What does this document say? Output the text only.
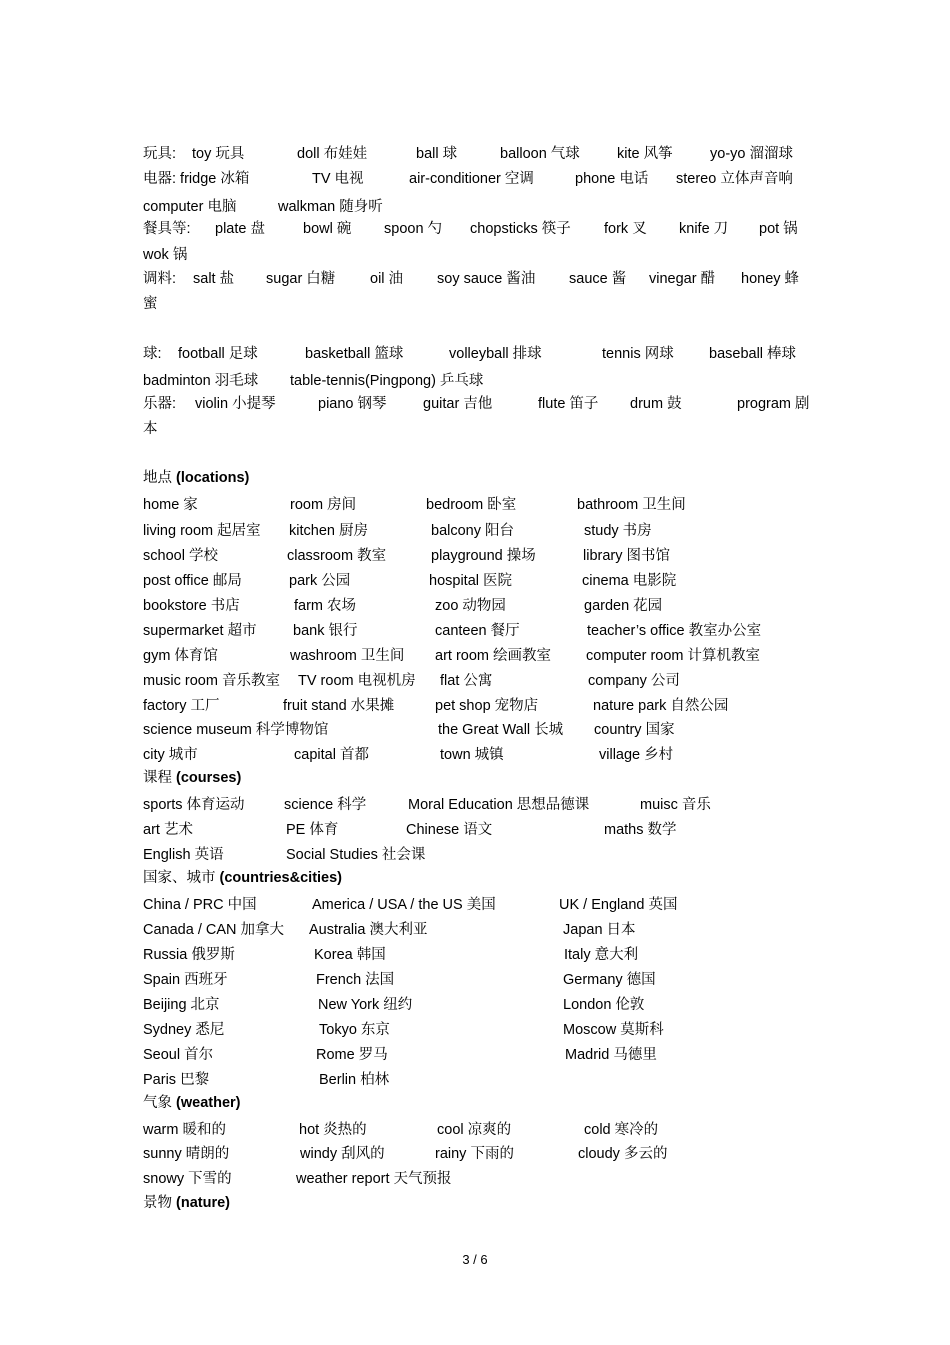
玩具: toy 玩具	doll 布娃娃	ball 球	balloon 气球	kite 风筝	yo-yo 溜溜球
电器: fridge 冰箱	TV 电视	air-conditioner 空调	phone 电话 stereo 立体声音响
computer 电脑	walkman 随身听
餐具等: plate 盘	bowl 碗 spoon 勺 chopsticks 筷子 fork 叉 knife 刀 pot 锅
wok 锅
调料: salt 盐 sugar 白糖 oil 油 soy sauce 酱油 sauce 酱 vinegar 醋 honey 蜂
蜜
球: football 足球	basketball 篮球	volleyball 排球	tennis 网球 baseball 棒球
badminton 羽毛球 table-tennis(Pingpong) 乒乓球
乐器: violin 小提琴	piano 钢琴	guitar 吉他	flute 笛子 drum 鼓	program 剧
本
地点 (locations)
home 家	room 房间	bedroom 卧室	bathroom 卫生间
living room 起居室 kitchen 厨房	balcony 阳台	study 书房
school 学校	classroom 教室	playground 操场	library 图书馆
post office 邮局	park 公园	hospital 医院	cinema 电影院
bookstore 书店	farm 农场	zoo 动物园	garden 花园
supermarket 超市	bank 银行	canteen 餐厅	teacher’s office 教室办公室
gym 体育馆	washroom 卫生间 art room 绘画教室 computer room 计算机教室
music room 音乐教室 TV room 电视机房 flat 公寓	company 公司
factory 工厂	fruit stand 水果摊	pet shop 宠物店	nature park 自然公园
science museum 科学博物馆	the Great Wall 长城 country 国家
city 城市	capital 首都	town 城镇	village 乡村
课程 (courses)
sports 体育运动	science 科学	Moral Education 思想品德课	muisc 音乐
art 艺术	PE 体育	Chinese 语文	maths 数学
English 英语	Social Studies 社会课
国家、城市 (countries&cities)
China / PRC 中国	America / USA / the US 美国	UK / England 英国
Canada / CAN 加拿大 Australia 澳大利亚	Japan 日本
Russia 俄罗斯	Korea 韩国	Italy 意大利
Spain 西班牙	French 法国	Germany 德国
Beijing 北京	New York 纽约	London 伦敦
Sydney 悉尼	Tokyo 东京	Moscow 莫斯科
Seoul 首尔	Rome 罗马	Madrid 马德里
Paris 巴黎	Berlin 柏林
气象 (weather)
warm 暖和的	hot 炎热的	cool 凉爽的	cold 寒冷的
sunny 晴朗的	windy 刮风的	rainy 下雨的	cloudy 多云的
snowy 下雪的	weather report 天气预报
景物 (nature)
3 / 6
